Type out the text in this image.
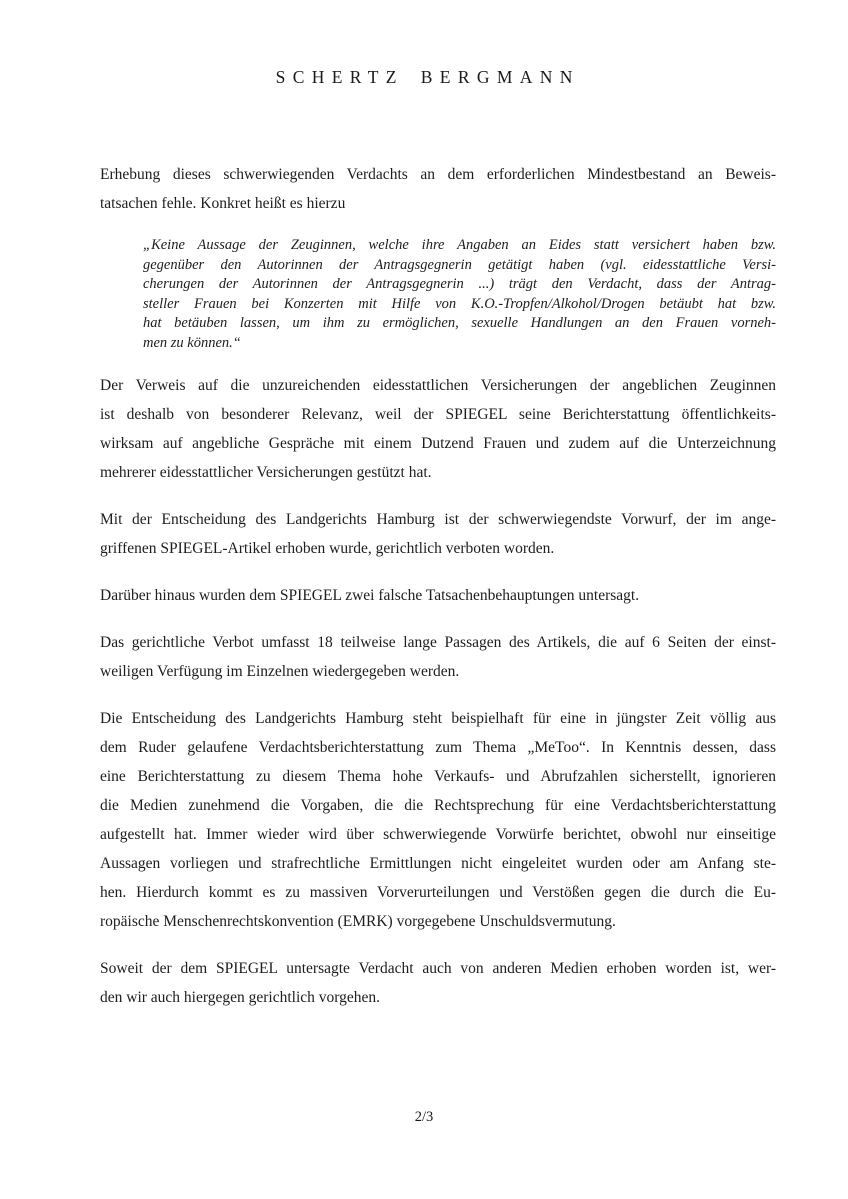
SCHERTZ BERGMANN

Erhebung dieses schwerwiegenden Verdachts an dem erforderlichen Mindestbestand an Beweis-
tatsachen fehle. Konkret heißt es hierzu

„Keine Aussage der Zeuginnen, welche ihre Angaben an Eides statt versichert haben bzw.
gegenüber den Autorinnen der Antragsgegnerin getätigt haben (vgl. eidesstattliche Versi-
cherungen der Autorinnen der Antragsgegnerin ...) trägt den Verdacht, dass der Antrag-
steller Frauen bei Konzerten mit Hilfe von K.O.-Tropfen/Alkohol/Drogen betäubt hat bzw.
hat betäuben lassen, um ihm zu ermöglichen, sexuelle Handlungen an den Frauen vorneh-
men zu können.“

Der Verweis auf die unzureichenden eidesstattlichen Versicherungen der angeblichen Zeuginnen
ist deshalb von besonderer Relevanz, weil der SPIEGEL seine Berichterstattung öffentlichkeits-
wirksam auf angebliche Gespräche mit einem Dutzend Frauen und zudem auf die Unterzeichnung
mehrerer eidesstattlicher Versicherungen gestützt hat.

Mit der Entscheidung des Landgerichts Hamburg ist der schwerwiegendste Vorwurf, der im ange-
griffenen SPIEGEL-Artikel erhoben wurde, gerichtlich verboten worden.

Darüber hinaus wurden dem SPIEGEL zwei falsche Tatsachenbehauptungen untersagt.

Das gerichtliche Verbot umfasst 18 teilweise lange Passagen des Artikels, die auf 6 Seiten der einst-
weiligen Verfügung im Einzelnen wiedergegeben werden.

Die Entscheidung des Landgerichts Hamburg steht beispielhaft für eine in jüngster Zeit völlig aus
dem Ruder gelaufene Verdachtsberichterstattung zum Thema „MeToo“. In Kenntnis dessen, dass
eine Berichterstattung zu diesem Thema hohe Verkaufs- und Abrufzahlen sicherstellt, ignorieren
die Medien zunehmend die Vorgaben, die die Rechtsprechung für eine Verdachtsberichterstattung
aufgestellt hat. Immer wieder wird über schwerwiegende Vorwürfe berichtet, obwohl nur einseitige
Aussagen vorliegen und strafrechtliche Ermittlungen nicht eingeleitet wurden oder am Anfang ste-
hen. Hierdurch kommt es zu massiven Vorverurteilungen und Verstößen gegen die durch die Eu-
ropäische Menschenrechtskonvention (EMRK) vorgegebene Unschuldsvermutung.

Soweit der dem SPIEGEL untersagte Verdacht auch von anderen Medien erhoben worden ist, wer-
den wir auch hiergegen gerichtlich vorgehen.

2/3
